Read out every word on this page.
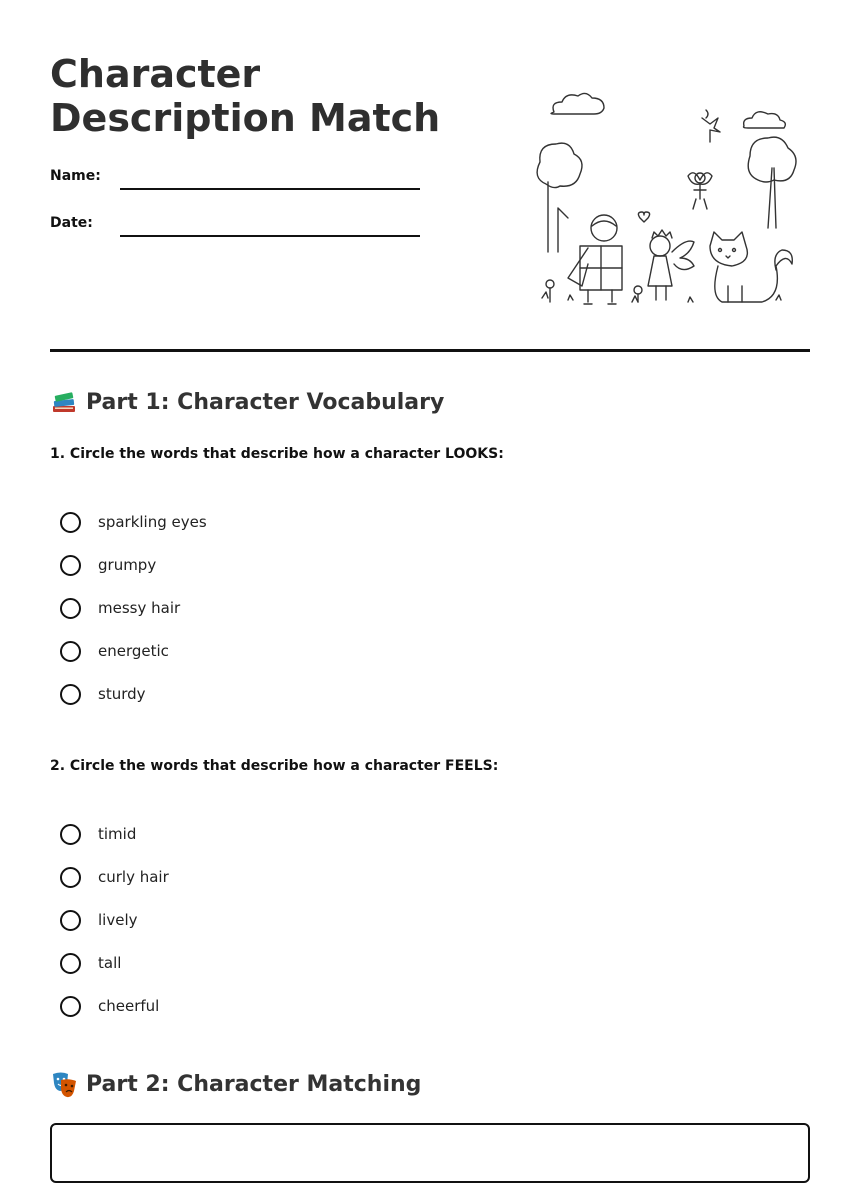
Character Description Match
Name:
Date:
Part 1: Character Vocabulary

1. Circle the words that describe how a character LOOKS:

sparkling eyes
grumpy
messy hair
energetic
sturdy

2. Circle the words that describe how a character FEELS:

timid
curly hair
lively
tall
cheerful
Part 2: Character Matching
